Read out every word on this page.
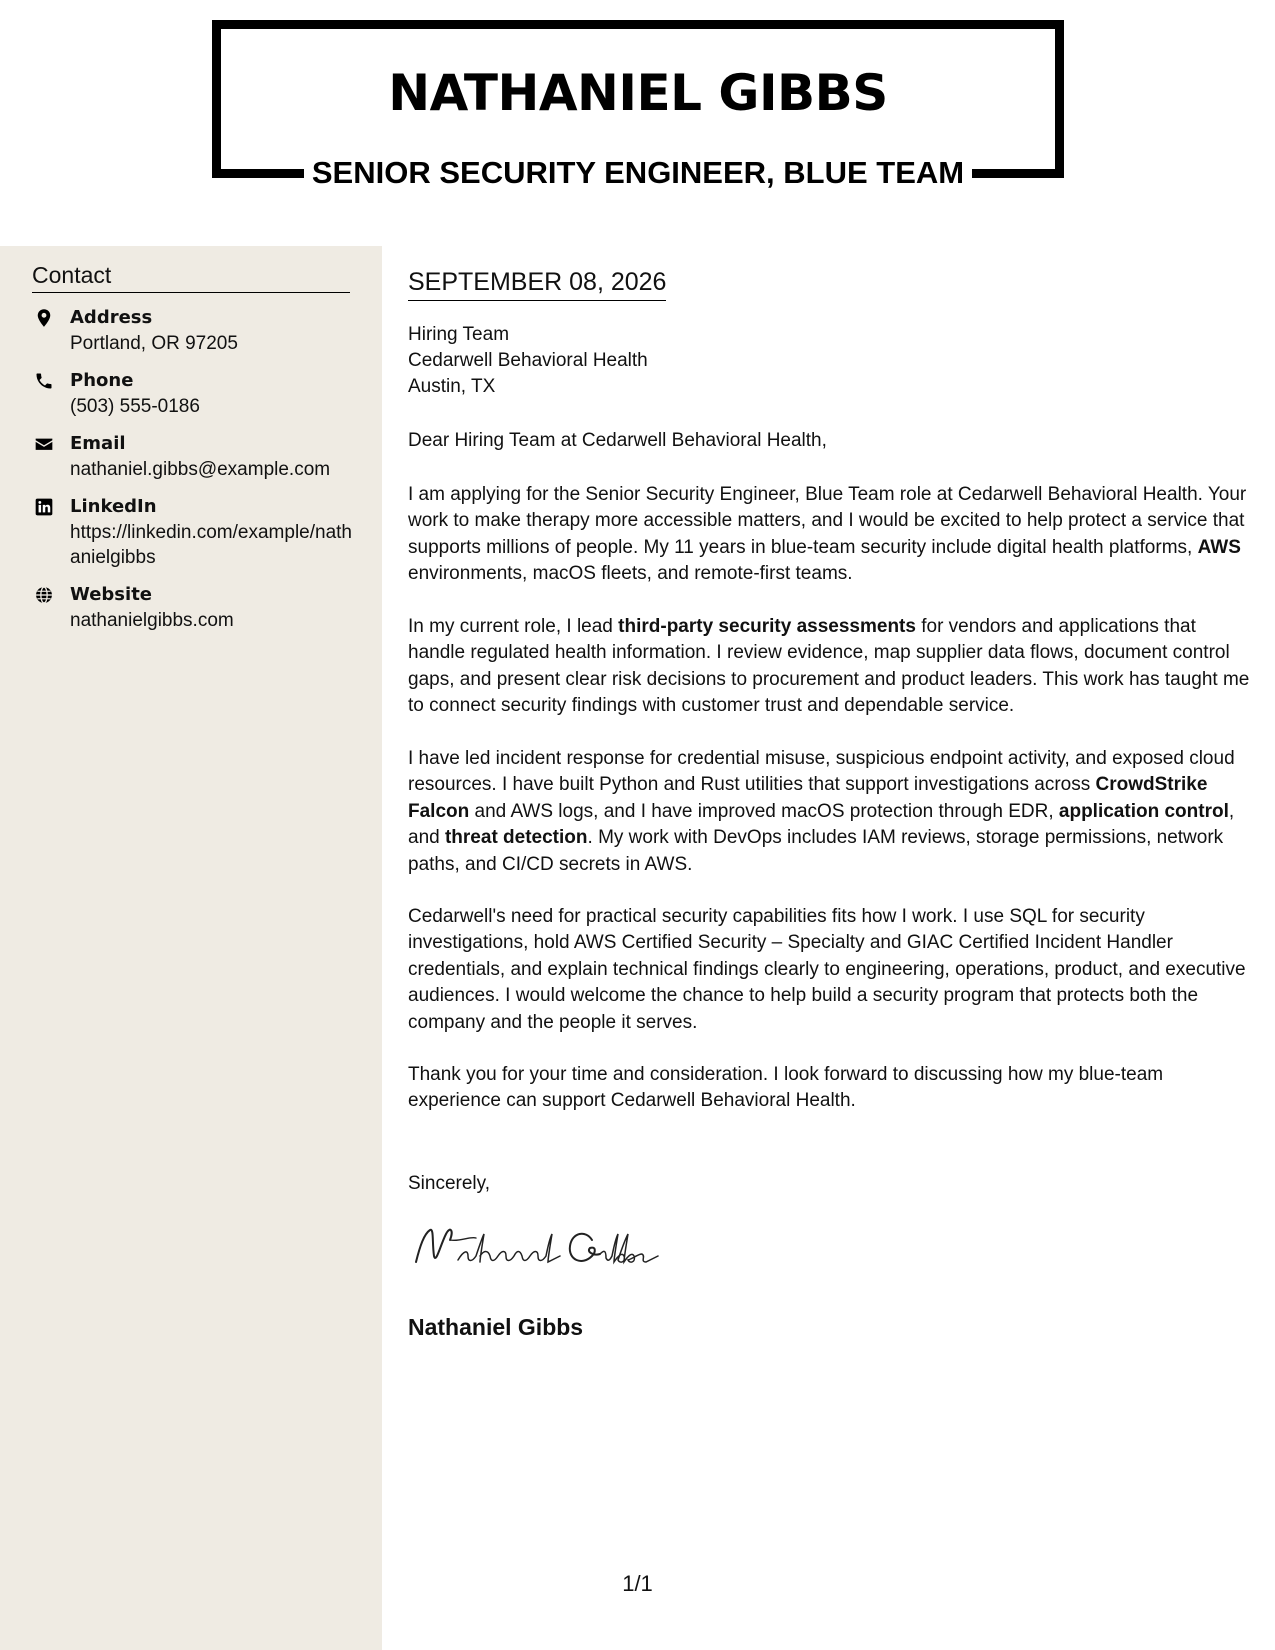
NATHANIEL GIBBS
SENIOR SECURITY ENGINEER, BLUE TEAM
Contact
Address
Portland, OR 97205
Phone
(503) 555-0186
Email
nathaniel.gibbs@example.com
LinkedIn
https://linkedin.com/example/nathanielgibbs
Website
nathanielgibbs.com
SEPTEMBER 08, 2026
Hiring Team
Cedarwell Behavioral Health
Austin, TX
Dear Hiring Team at Cedarwell Behavioral Health,

I am applying for the Senior Security Engineer, Blue Team role at Cedarwell Behavioral Health. Your work to make therapy more accessible matters, and I would be excited to help protect a service that supports millions of people. My 11 years in blue-team security include digital health platforms, AWS environments, macOS fleets, and remote-first teams.

In my current role, I lead third-party security assessments for vendors and applications that handle regulated health information. I review evidence, map supplier data flows, document control gaps, and present clear risk decisions to procurement and product leaders. This work has taught me to connect security findings with customer trust and dependable service.

I have led incident response for credential misuse, suspicious endpoint activity, and exposed cloud resources. I have built Python and Rust utilities that support investigations across CrowdStrike Falcon and AWS logs, and I have improved macOS protection through EDR, application control, and threat detection. My work with DevOps includes IAM reviews, storage permissions, network paths, and CI/CD secrets in AWS.

Cedarwell's need for practical security capabilities fits how I work. I use SQL for security investigations, hold AWS Certified Security – Specialty and GIAC Certified Incident Handler credentials, and explain technical findings clearly to engineering, operations, product, and executive audiences. I would welcome the chance to help build a security program that protects both the company and the people it serves.

Thank you for your time and consideration. I look forward to discussing how my blue-team experience can support Cedarwell Behavioral Health.

Sincerely,
Nathaniel Gibbs
1/1
